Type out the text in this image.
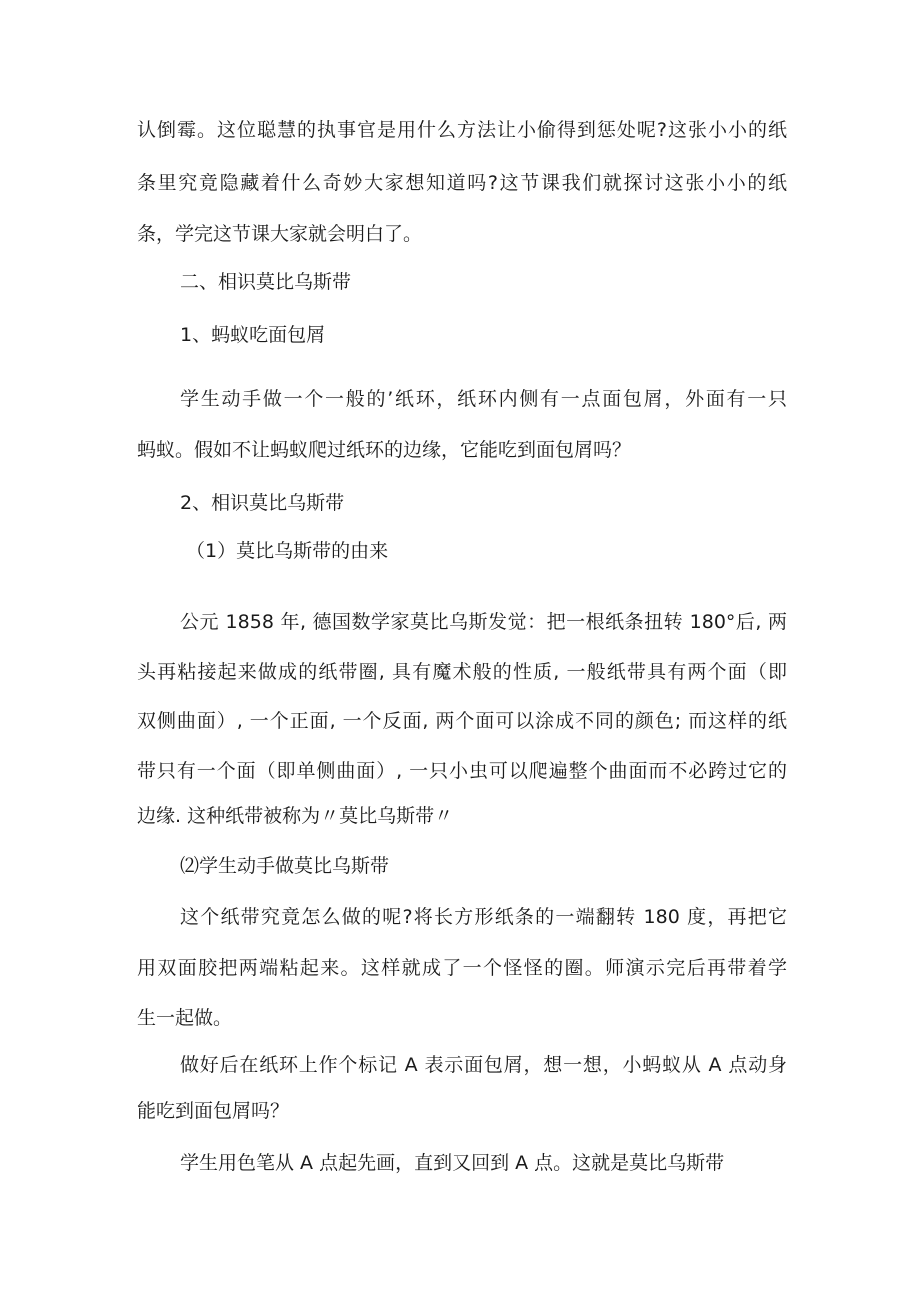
认倒霉。这位聪慧的执事官是用什么方法让小偷得到惩处呢?这张小小的纸
条里究竟隐藏着什么奇妙大家想知道吗?这节课我们就探讨这张小小的纸
条，学完这节课大家就会明白了。
二、相识莫比乌斯带
1、蚂蚁吃面包屑
学生动手做一个一般的’纸环，纸环内侧有一点面包屑，外面有一只
蚂蚁。假如不让蚂蚁爬过纸环的边缘，它能吃到面包屑吗？
2、相识莫比乌斯带
（1）莫比乌斯带的由来
公元 1858 年, 德国数学家莫比乌斯发觉：把一根纸条扭转 180°后, 两
头再粘接起来做成的纸带圈, 具有魔术般的性质, 一般纸带具有两个面（即
双侧曲面）, 一个正面, 一个反面, 两个面可以涂成不同的颜色; 而这样的纸
带只有一个面（即单侧曲面）, 一只小虫可以爬遍整个曲面而不必跨过它的
边缘. 这种纸带被称为〃莫比乌斯带〃
⑵学生动手做莫比乌斯带
这个纸带究竟怎么做的呢?将长方形纸条的一端翻转 180 度，再把它
用双面胶把两端粘起来。这样就成了一个怪怪的圈。师演示完后再带着学
生一起做。
做好后在纸环上作个标记 A 表示面包屑，想一想，小蚂蚁从 A 点动身
能吃到面包屑吗？
学生用色笔从 A 点起先画，直到又回到 A 点。这就是莫比乌斯带
